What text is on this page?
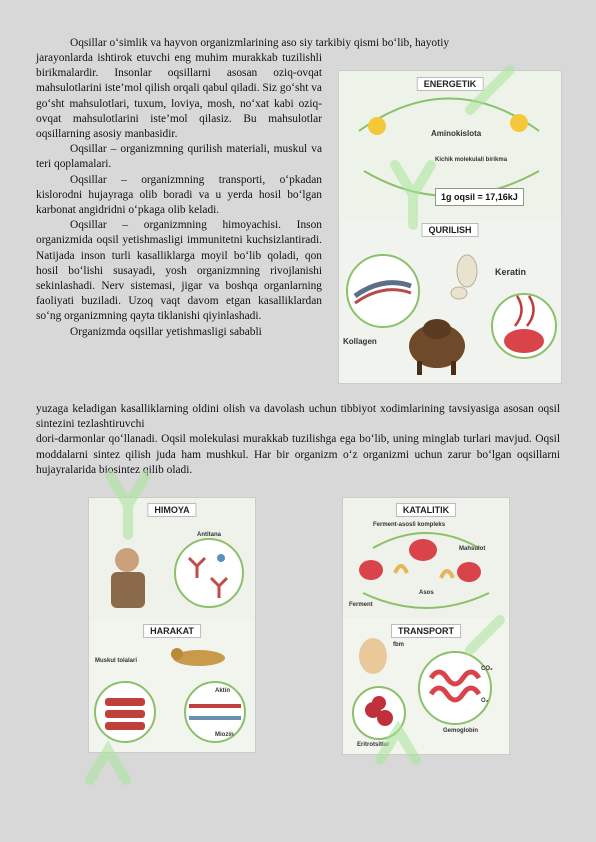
Oqsillar o‘simlik va hayvon organizmlarining aso siy tarkibiy qismi bo‘lib, hayotiy

jarayonlarda ishtirok etuvchi eng muhim murakkab tuzilishli birikmalardir. Insonlar oqsillarni asosan oziq-ovqat mahsulotlarini iste’mol qilish orqali qabul qiladi. Siz go‘sht va go‘sht mahsulotlari, tuxum, loviya, mosh, no‘xat kabi oziq-ovqat mahsulotlarini iste’mol qilasiz. Bu mahsulotlar oqsillarning asosiy manbasidir.

Oqsillar – organizmning qurilish materiali, muskul va teri qoplamalari.

Oqsillar – organizmning transporti, o‘pkadan kislorodni hujayraga olib boradi va u yerda hosil bo‘lgan karbonat angidridni o‘pkaga olib keladi.

Oqsillar – organizmning himoyachisi. Inson organizmida oqsil yetishmasligi immunitetni kuchsizlantiradi. Natijada inson turli kasalliklarga moyil bo‘lib qoladi, qon hosil bo‘lishi susayadi, yosh organizmning rivojlanishi sekinlashadi. Nerv sistemasi, jigar va boshqa organlarning faoliyati buziladi. Uzoq vaqt davom etgan kasalliklardan so‘ng organizmning qayta tiklanishi qiyinlashadi.

Organizmda oqsillar yetishmasligi sababli

yuzaga keladigan kasalliklarning oldini olish va davolash uchun tibbiyot xodimlarining tavsiyasiga asosan oqsil sintezini tezlashtiruvchi

dori-darmonlar qo‘llanadi. Oqsil molekulasi murakkab tuzilishga ega bo‘lib, uning minglab turlari mavjud. Oqsil moddalarni sintez qilish juda ham mushkul. Har bir organizm o‘z organizmi uchun zarur bo‘lgan oqsillarni hujayralarida biosintez qilib oladi.

ENERGETIK
Aminokislota
Kichik molekulali birikma
1g oqsil = 17,16kJ
QURILISH
Keratin
Kollagen
HIMOYA
Antitana
HARAKAT
Muskul tolalari
Aktin
Miozin
KATALITIK
Ferment-asosli kompleks
Mahsulot
Asos
Ferment
TRANSPORT
fbm
CO₂
O₂
Gemoglobin
Eritrotsitlar
